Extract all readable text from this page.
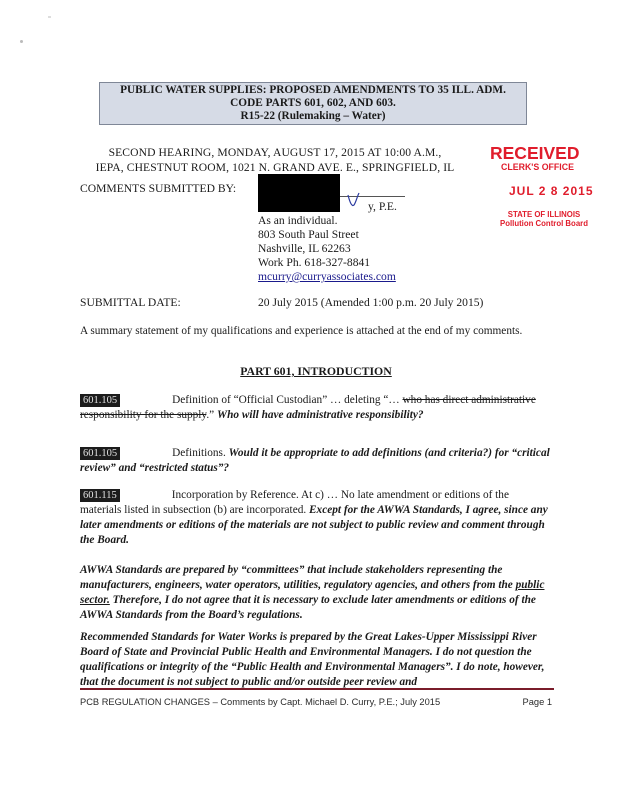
PUBLIC WATER SUPPLIES: PROPOSED AMENDMENTS TO 35 ILL. ADM.
CODE PARTS 601, 602, AND 603.
R15-22 (Rulemaking – Water)
SECOND HEARING, MONDAY, AUGUST 17, 2015 AT 10:00 A.M.,
IEPA, CHESTNUT ROOM, 1021 N. GRAND AVE. E., SPRINGFIELD, IL
RECEIVED
CLERK'S OFFICE
JUL 2 8 2015
STATE OF ILLINOIS
Pollution Control Board
COMMENTS SUBMITTED BY:
y, P.E.
As an individual.
803 South Paul Street
Nashville, IL 62263
Work Ph. 618-327-8841
mcurry@curryassociates.com
SUBMITTAL DATE:	20 July 2015 (Amended 1:00 p.m. 20 July 2015)
A summary statement of my qualifications and experience is attached at the end of my comments.
PART 601, INTRODUCTION
601.105	Definition of “Official Custodian” … deleting “… who has direct administrative responsibility for the supply.” Who will have administrative responsibility?
601.105	Definitions. Would it be appropriate to add definitions (and criteria?) for “critical review” and “restricted status”?
601.115	Incorporation by Reference. At c) … No late amendment or editions of the materials listed in subsection (b) are incorporated. Except for the AWWA Standards, I agree, since any later amendments or editions of the materials are not subject to public review and comment through the Board.
AWWA Standards are prepared by “committees” that include stakeholders representing the manufacturers, engineers, water operators, utilities, regulatory agencies, and others from the public sector. Therefore, I do not agree that it is necessary to exclude later amendments or editions of the AWWA Standards from the Board’s regulations.
Recommended Standards for Water Works is prepared by the Great Lakes-Upper Mississippi River Board of State and Provincial Public Health and Environmental Managers. I do not question the qualifications or integrity of the “Public Health and Environmental Managers”. I do note, however, that the document is not subject to public and/or outside peer review and
PCB REGULATION CHANGES – Comments by Capt. Michael D. Curry, P.E.; July 2015	Page 1
